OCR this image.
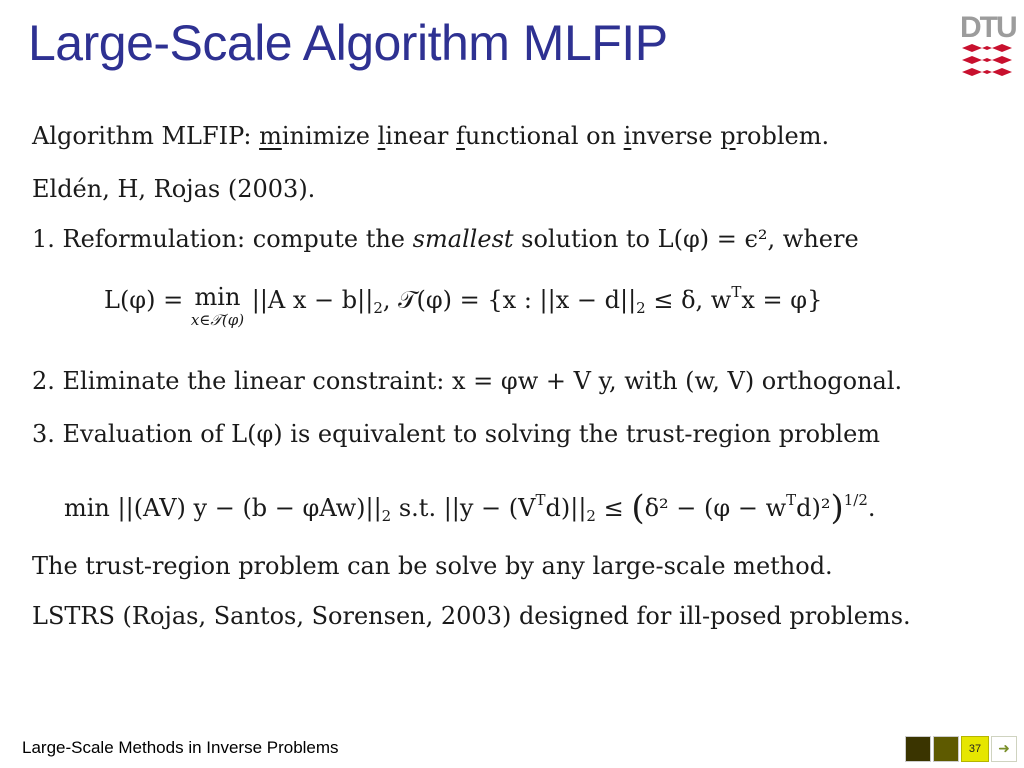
Large-Scale Algorithm MLFIP	DTU
Algorithm MLFIP: minimize linear functional on inverse problem.
Eldén, H, Rojas (2003).
1. Reformulation: compute the smallest solution to L(φ) = ϵ², where
L(φ) = min
x∈𝒯(φ)
||A $x - b||_2$, 𝒯(φ) = {x : $||x - d||_2 \le \delta$, $w^Tx = \varphi$}
2. Eliminate the linear constraint: x = φw + V y, with (w, V) orthogonal.
3. Evaluation of L(φ) is equivalent to solving the trust-region problem
min ||(AV) $y - (b - \varphi Aw)||_2$ s.t. $||y - (V^Td)||_2 \le (\delta^2 - (\varphi - w^Td)^2)^{1/2}$.
The trust-region problem can be solve by any large-scale method.
LSTRS (Rojas, Santos, Sorensen, 2003) designed for ill-posed problems.
Large-Scale Methods in Inverse Problems	37	➜
